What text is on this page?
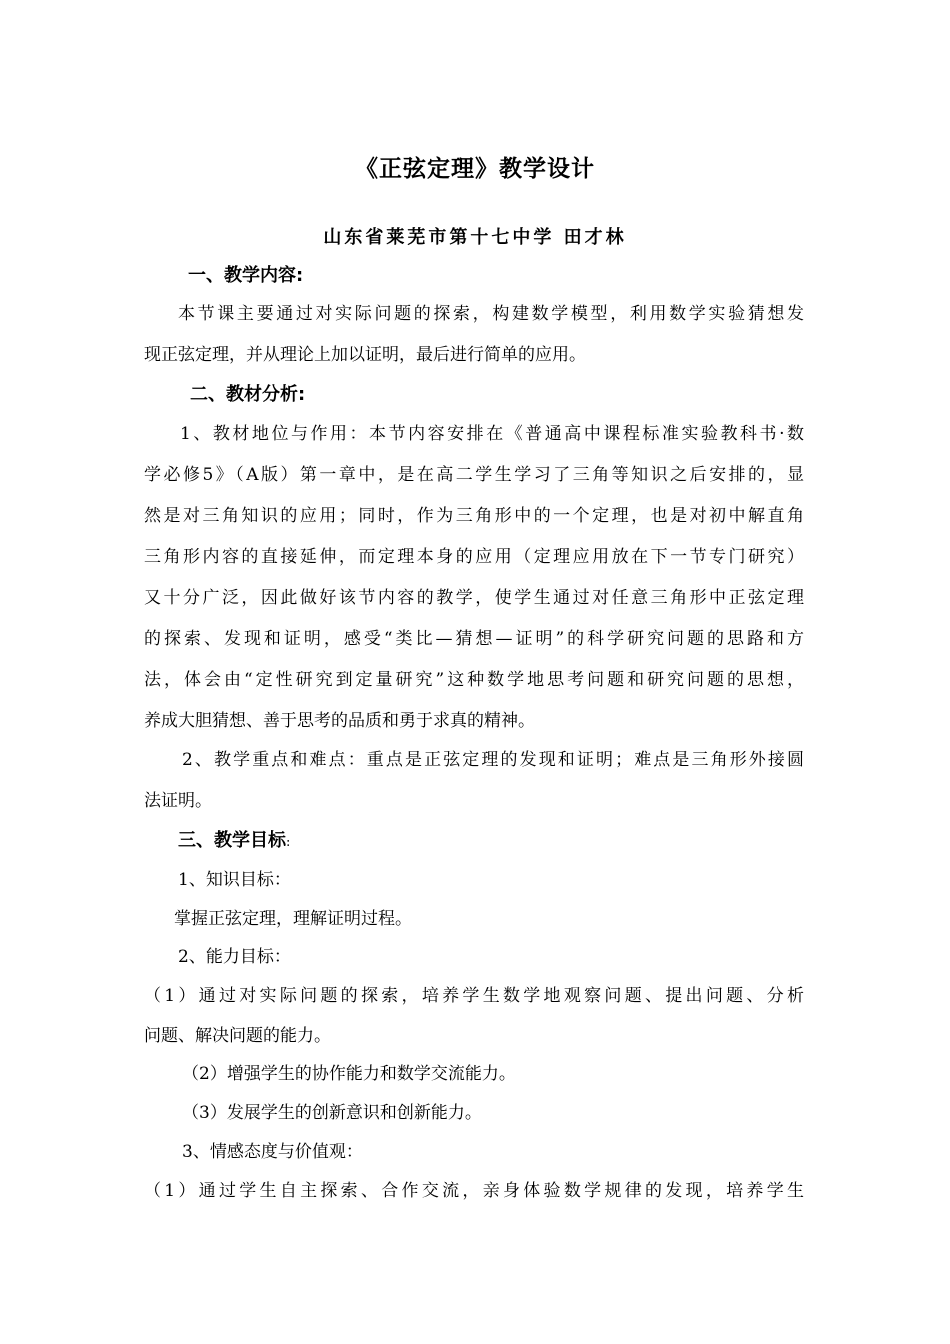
《正弦定理》教学设计
山东省莱芜市第十七中学 田才林
一、教学内容:
本节课主要通过对实际问题的探索，构建数学模型，利用数学实验猜想发
现正弦定理，并从理论上加以证明，最后进行简单的应用。
二、教材分析:
1、教材地位与作用：本节内容安排在《普通高中课程标准实验教科书·数
学必修5》（A版）第一章中，是在高二学生学习了三角等知识之后安排的，显
然是对三角知识的应用；同时，作为三角形中的一个定理，也是对初中解直角
三角形内容的直接延伸，而定理本身的应用（定理应用放在下一节专门研究）
又十分广泛，因此做好该节内容的教学，使学生通过对任意三角形中正弦定理
的探索、发现和证明，感受“类比—猜想—证明”的科学研究问题的思路和方
法，体会由“定性研究到定量研究”这种数学地思考问题和研究问题的思想，
养成大胆猜想、善于思考的品质和勇于求真的精神。
2、教学重点和难点：重点是正弦定理的发现和证明；难点是三角形外接圆
法证明。
三、教学目标:
1、知识目标：
掌握正弦定理，理解证明过程。
2、能力目标：
（1）通过对实际问题的探索，培养学生数学地观察问题、提出问题、分析
问题、解决问题的能力。
（2）增强学生的协作能力和数学交流能力。
（3）发展学生的创新意识和创新能力。
3、情感态度与价值观：
（1）通过学生自主探索、合作交流，亲身体验数学规律的发现，培养学生
